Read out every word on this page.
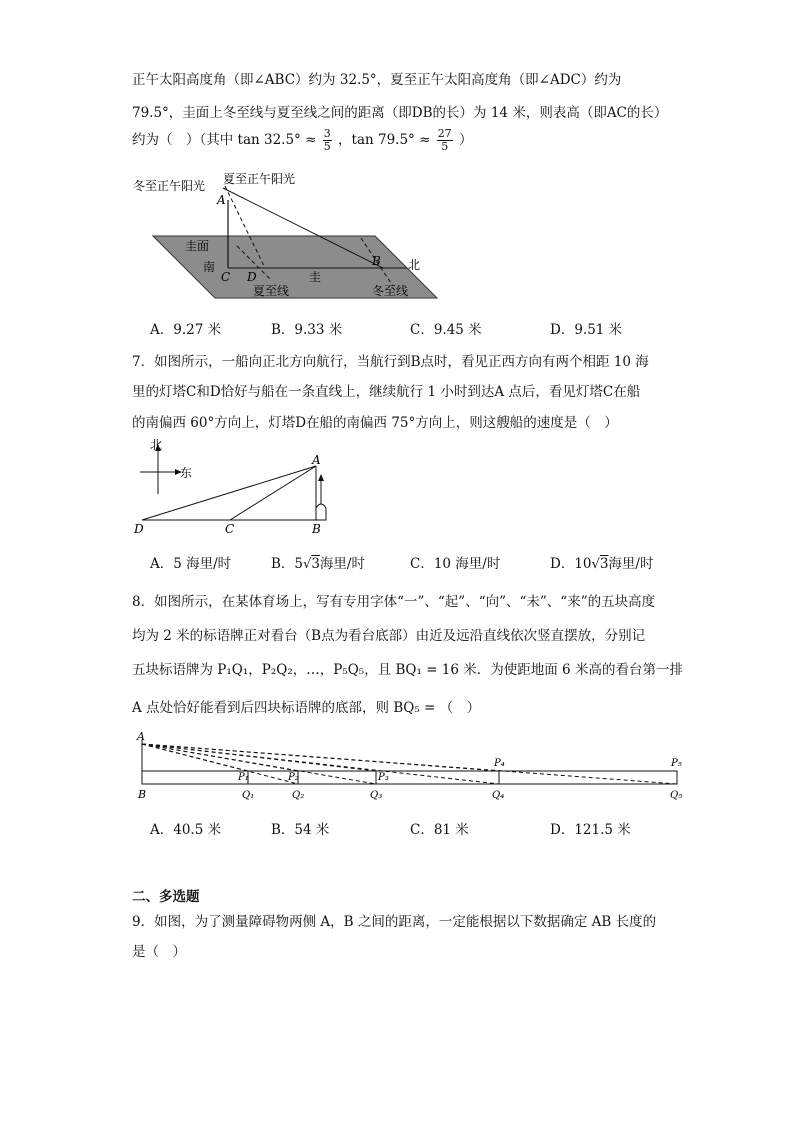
正午太阳高度角（即∠ABC）约为 32.5°，夏至正午太阳高度角（即∠ADC）约为
79.5°，圭面上冬至线与夏至线之间的距离（即DB的长）为 14 米，则表高（即AC的长）
约为（　）（其中 $\tan 32.5^\circ \approx \frac{3}{5}$ ，$\tan 79.5^\circ \approx \frac{27}{5}$ ）
冬至正午阳光 夏至正午阳光
A
圭面
南
C D	圭
B 北
夏至线	冬至线
A．9.27 米	B．9.33 米	C．9.45 米	D．9.51 米
7．如图所示，一船向正北方向航行，当航行到B点时，看见正西方向有两个相距 10 海
里的灯塔C和D恰好与船在一条直线上，继续航行 1 小时到达A 点后，看见灯塔C在船
的南偏西 60°方向上，灯塔D在船的南偏西 75°方向上，则这艘船的速度是（　）
北
东
A
B
C
D
A．5 海里/时	B．5√3海里/时	C．10 海里/时	D．10√3海里/时
8．如图所示，在某体育场上，写有专用字体“一”、“起”、“向”、“未”、“来”的五块高度
均为 2 米的标语牌正对看台（B点为看台底部）由近及远沿直线依次竖直摆放，分别记
五块标语牌为 P₁Q₁，P₂Q₂，…，P₅Q₅，且 BQ₁ = 16 米．为使距地面 6 米高的看台第一排
A 点处恰好能看到后四块标语牌的底部，则 BQ₅ = （　）
A
B
P₁	P₂	P₃
P₄	P₅
Q₁	Q₂	Q₃	Q₄	Q₅
A．40.5 米	B．54 米	C．81 米	D．121.5 米
二、多选题
9．如图，为了测量障碍物两侧 A，B 之间的距离，一定能根据以下数据确定 AB 长度的
是（　）
